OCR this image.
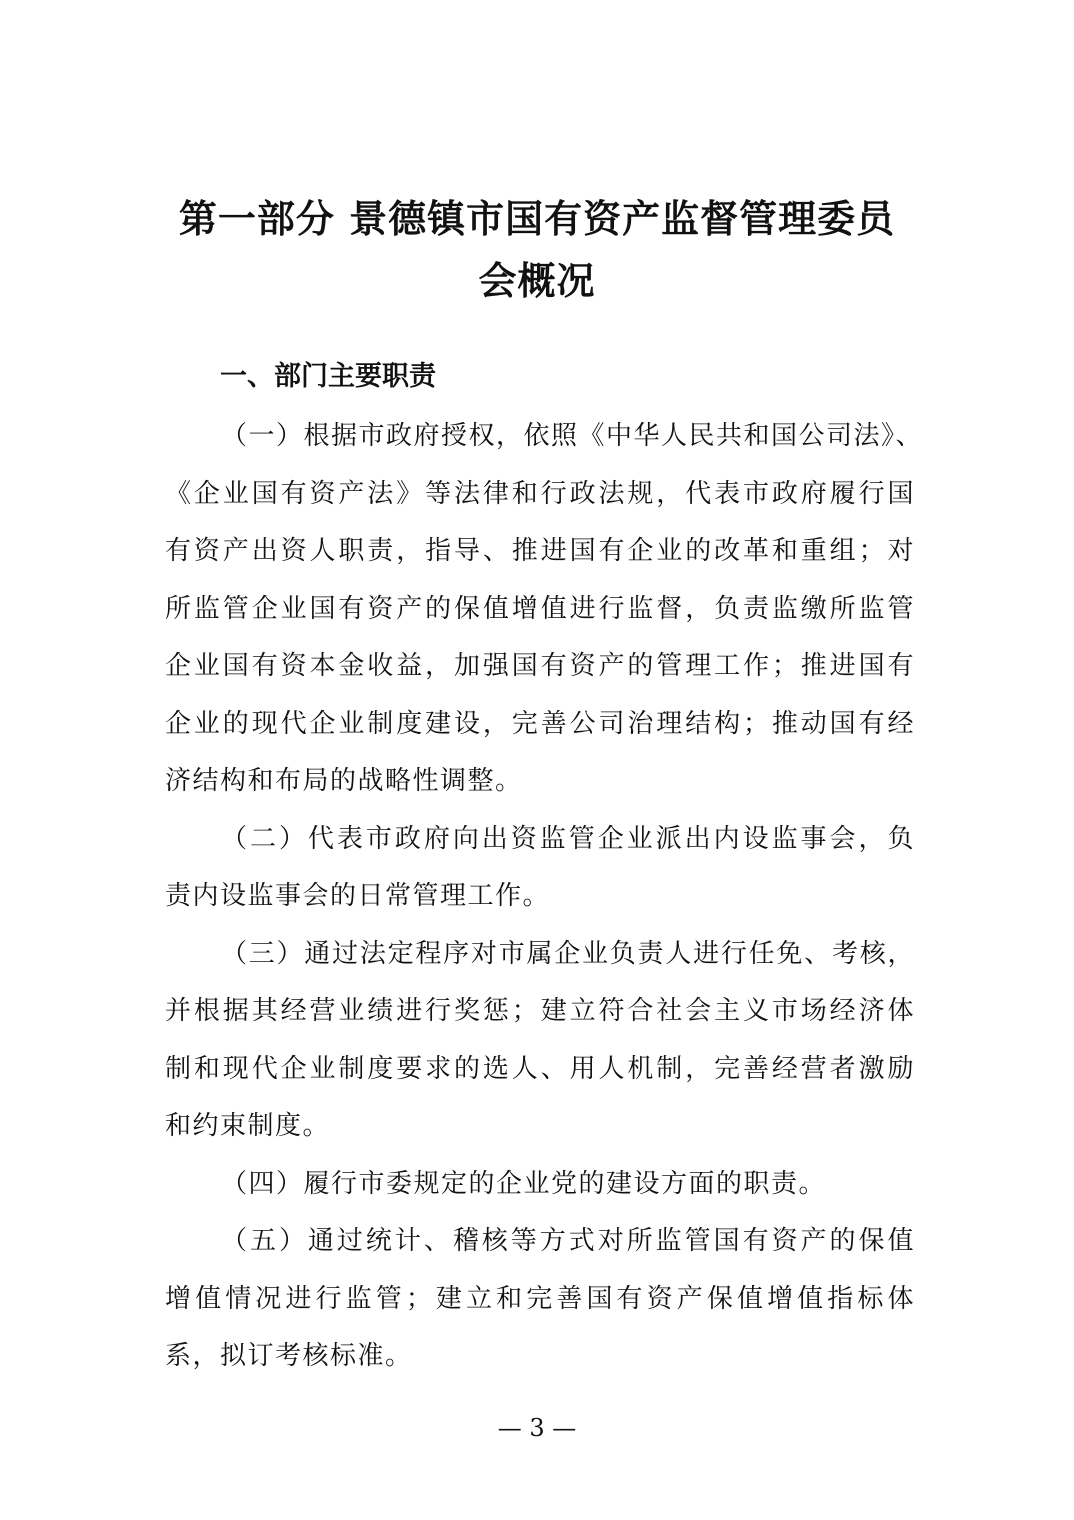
第一部分 景德镇市国有资产监督管理委员
会概况
一、部门主要职责
（一）根据市政府授权，依照《中华人民共和国公司法》、
《企业国有资产法》等法律和行政法规，代表市政府履行国
有资产出资人职责，指导、推进国有企业的改革和重组；对
所监管企业国有资产的保值增值进行监督，负责监缴所监管
企业国有资本金收益，加强国有资产的管理工作；推进国有
企业的现代企业制度建设，完善公司治理结构；推动国有经
济结构和布局的战略性调整。
（二）代表市政府向出资监管企业派出内设监事会，负
责内设监事会的日常管理工作。
（三）通过法定程序对市属企业负责人进行任免、考核，
并根据其经营业绩进行奖惩；建立符合社会主义市场经济体
制和现代企业制度要求的选人、用人机制，完善经营者激励
和约束制度。
（四）履行市委规定的企业党的建设方面的职责。
（五）通过统计、稽核等方式对所监管国有资产的保值
增值情况进行监管；建立和完善国有资产保值增值指标体
系，拟订考核标准。
— 3 —
